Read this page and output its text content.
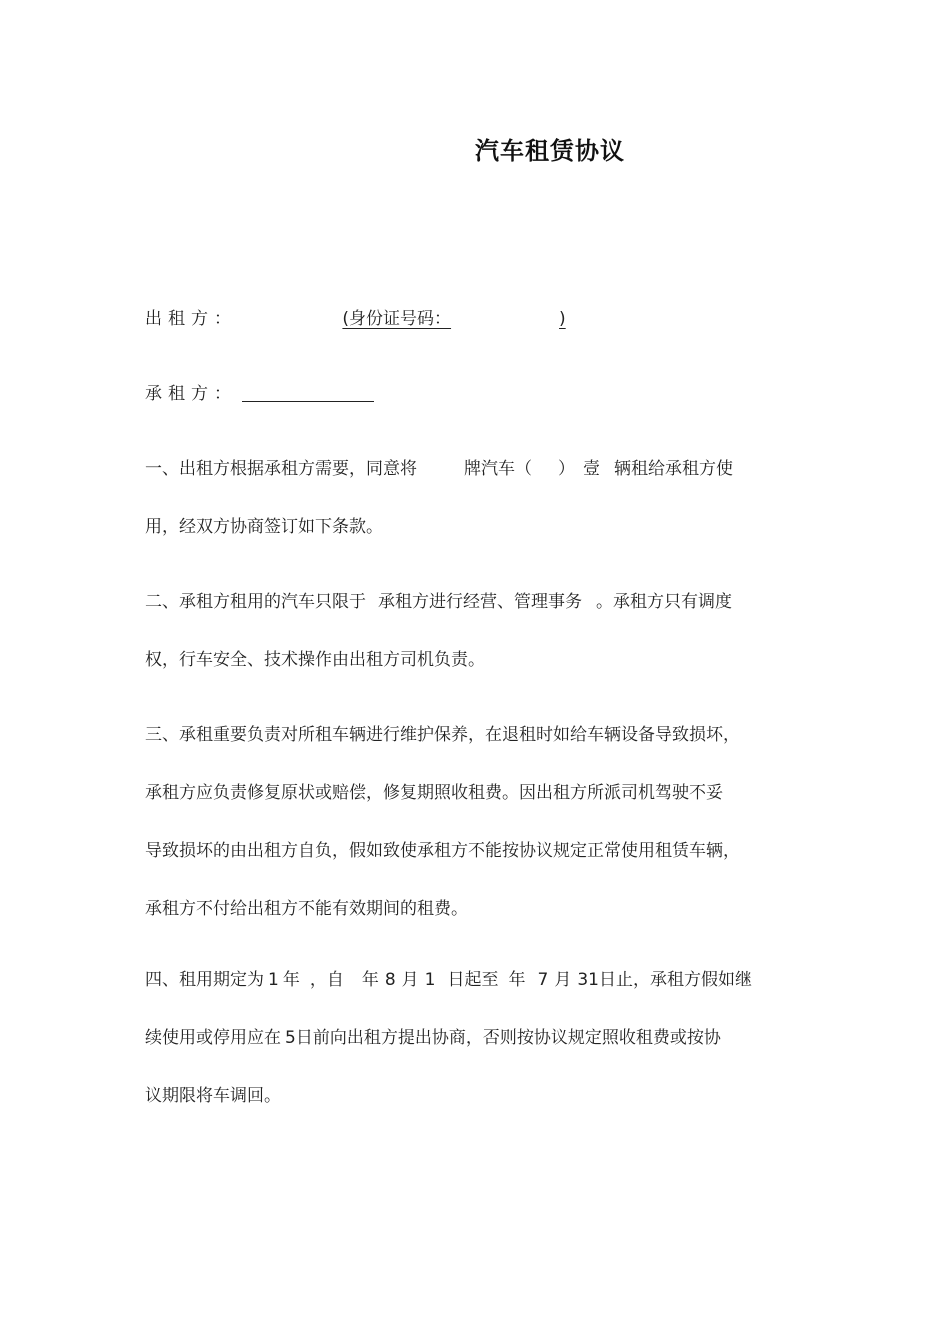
汽车租赁协议
出租方：	(身份证号码：	)
承租方：
一、出租方根据承租方需要，同意将	牌汽车（ ） 壹 辆租给承租方使
用，经双方协商签订如下条款。
二、承租方租用的汽车只限于 承租方进行经营、管理事务 。承租方只有调度
权，行车安全、技术操作由出租方司机负责。
三、承租重要负责对所租车辆进行维护保养，在退租时如给车辆设备导致损坏，
承租方应负责修复原状或赔偿，修复期照收租费。因出租方所派司机驾驶不妥
导致损坏的由出租方自负，假如致使承租方不能按协议规定正常使用租赁车辆，
承租方不付给出租方不能有效期间的租费。
四、租用期定为 1 年 ，自 年 8 月 1 日起至 年 7 月 31日止，承租方假如继
续使用或停用应在 5日前向出租方提出协商，否则按协议规定照收租费或按协
议期限将车调回。
